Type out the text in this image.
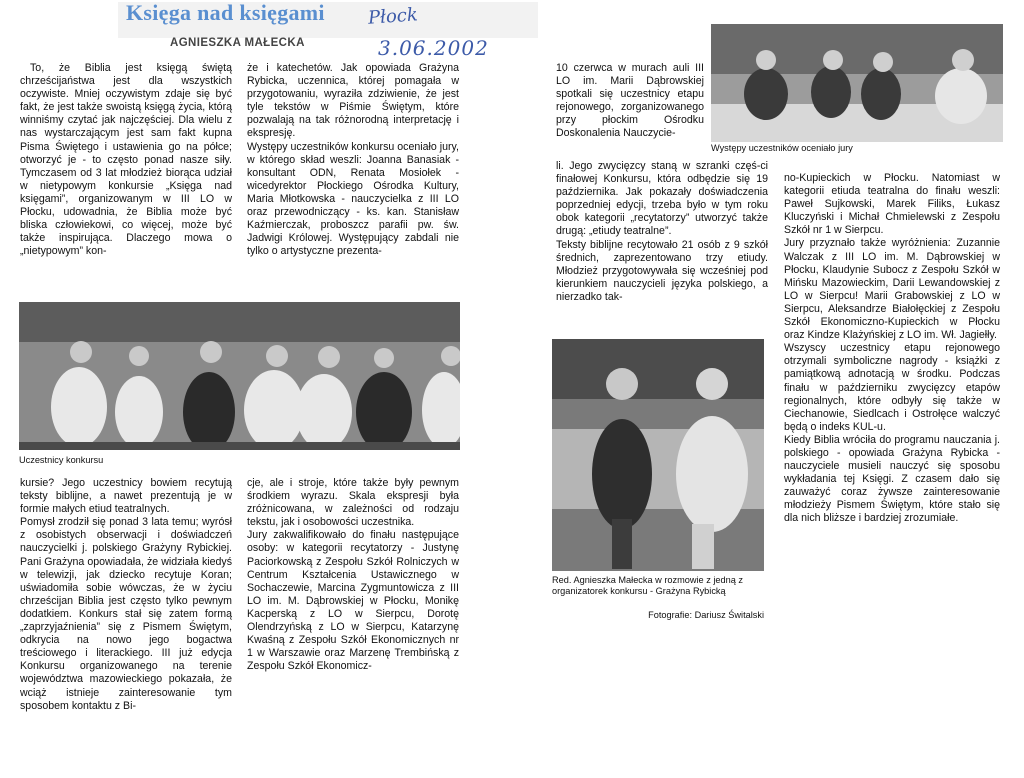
Księga nad księgami Płock
3.06.2002
AGNIESZKA MAŁECKA
To, że Biblia jest księgą świętą chrześcijaństwa jest dla wszystkich oczywiste. Mniej oczywistym zdaje się być fakt, że jest także swoistą księgą życia, którą winniśmy czytać jak najczęściej. Dla wielu z nas wystarczającym jest sam fakt kupna Pisma Świętego i ustawienia go na półce; otworzyć je - to często ponad nasze siły. Tymczasem od 3 lat młodzież biorąca udział w nietypowym konkursie „Księga nad księgami”, organizowanym w III LO w Płocku, udowadnia, że Biblia może być bliska człowiekowi, co więcej, może być także inspirująca. Dlaczego mowa o „nietypowym” kon-
że i katechetów. Jak opowiada Grażyna Rybicka, uczennica, której pomagała w przygotowaniu, wyraziła zdziwienie, że jest tyle tekstów w Piśmie Świętym, które pozwalają na tak różnorodną interpretację i ekspresję.
Występy uczestników konkursu oceniało jury, w którego skład weszli: Joanna Banasiak - konsultant ODN, Renata Mosiołek - wicedyrektor Płockiego Ośrodka Kultury, Maria Młotkowska - nauczycielka z III LO oraz przewodniczący - ks. kan. Stanisław Kaźmierczak, proboszcz parafii pw. św. Jadwigi Królowej. Występujący zabdali nie tylko o artystyczne prezenta-
Uczestnicy konkursu
kursie? Jego uczestnicy bowiem recytują teksty biblijne, a nawet prezentują je w formie małych etiud teatralnych.
Pomysł zrodził się ponad 3 lata temu; wyrósł z osobistych obserwacji i doświadczeń nauczycielki j. polskiego Grażyny Rybickiej. Pani Grażyna opowiadała, że widziała kiedyś w telewizji, jak dziecko recytuje Koran; uświadomiła sobie wówczas, że w życiu chrześcijan Biblia jest często tylko pewnym dodatkiem. Konkurs stał się zatem formą „zaprzyjaźnienia” się z Pismem Świętym, odkrycia na nowo jego bogactwa treściowego i literackiego. III już edycja Konkursu organizowanego na terenie województwa mazowieckiego pokazała, że wciąż istnieje zainteresowanie tym sposobem kontaktu z Bi-
cje, ale i stroje, które także były pewnym środkiem wyrazu. Skala ekspresji była zróżnicowana, w zależności od rodzaju tekstu, jak i osobowości uczestnika.
Jury zakwalifikowało do finału następujące osoby: w kategorii recytatorzy - Justynę Paciorkowską z Zespołu Szkół Rolniczych w Centrum Kształcenia Ustawicznego w Sochaczewie, Marcina Zygmuntowicza z III LO im. M. Dąbrowskiej w Płocku, Monikę Kacperską z LO w Sierpcu, Dorotę Olendrzyńską z LO w Sierpcu, Katarzynę Kwaśną z Zespołu Szkół Ekonomicznych nr 1 w Warszawie oraz Marzenę Trembińską z Zespołu Szkół Ekonomicz-
10 czerwca w murach auli III LO im. Marii Dąbrowskiej spotkali się uczestnicy etapu rejonowego, zorganizowanego przy płockim Ośrodku Doskonalenia Nauczycie-
Występy uczestników oceniało jury
li. Jego zwycięzcy staną w szranki częś-ci finałowej Konkursu, która odbędzie się 19 października. Jak pokazały doświadczenia poprzedniej edycji, trzeba było w tym roku obok kategorii „recytatorzy” utworzyć także drugą: „etiudy teatralne”.
Teksty biblijne recytowało 21 osób z 9 szkół średnich, zaprezentowano trzy etiudy. Młodzież przygotowywała się wcześniej pod kierunkiem nauczycieli języka polskiego, a nierzadko tak-
Red. Agnieszka Małecka w rozmowie z jedną z organizatorek konkursu - Grażyna Rybicką
Fotografie: Dariusz Świtalski
no-Kupieckich w Płocku. Natomiast w kategorii etiuda teatralna do finału weszli: Paweł Sujkowski, Marek Filiks, Łukasz Kluczyński i Michał Chmielewski z Zespołu Szkół nr 1 w Sierpcu.
Jury przyznało także wyróżnienia: Zuzannie Walczak z III LO im. M. Dąbrowskiej w Płocku, Klaudynie Subocz z Zespołu Szkół w Mińsku Mazowieckim, Darii Lewandowskiej z LO w Sierpcu! Marii Grabowskiej z LO w Sierpcu, Aleksandrze Białołęckiej z Zespołu Szkół Ekonomiczno-Kupieckich w Płocku oraz Kindze Klażyńskiej z LO im. Wł. Jagiełły.
Wszyscy uczestnicy etapu rejonowego otrzymali symboliczne nagrody - książki z pamiątkową adnotacją w środku. Podczas finału w październiku zwycięzcy etapów regionalnych, które odbyły się także w Ciechanowie, Siedlcach i Ostrołęce walczyć będą o indeks KUL-u.
Kiedy Biblia wróciła do programu nauczania j. polskiego - opowiada Grażyna Rybicka - nauczyciele musieli nauczyć się sposobu wykładania tej Księgi. Z czasem dało się zauważyć coraz żywsze zainteresowanie młodzieży Pismem Świętym, które stało się dla nich bliższe i bardziej zrozumiałe.
